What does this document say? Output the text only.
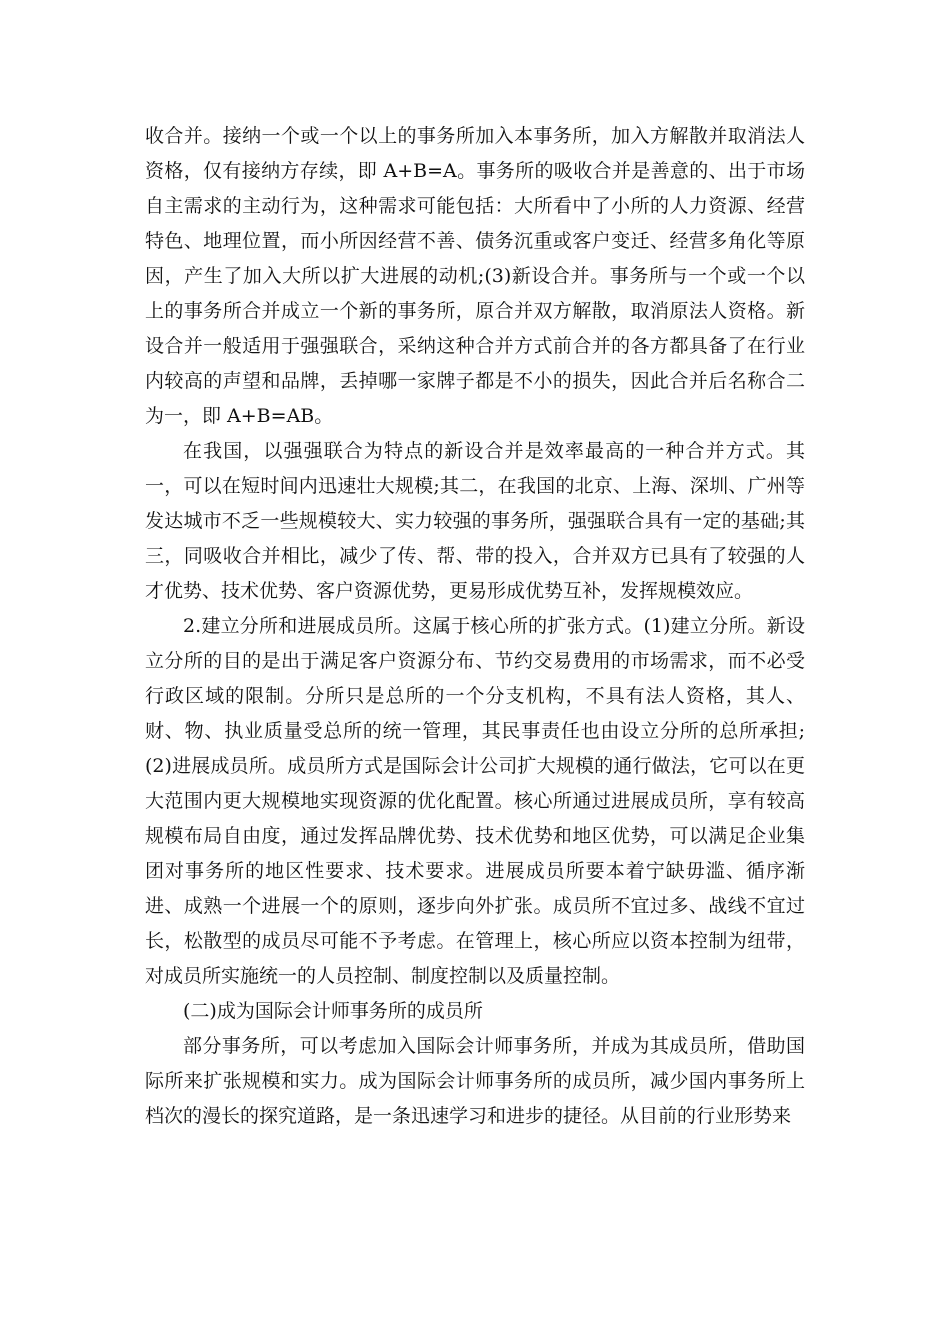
收合并。接纳一个或一个以上的事务所加入本事务所，加入方解散并取消法人资格，仅有接纳方存续，即 A+B=A。事务所的吸收合并是善意的、出于市场自主需求的主动行为，这种需求可能包括：大所看中了小所的人力资源、经营特色、地理位置，而小所因经营不善、债务沉重或客户变迁、经营多角化等原因，产生了加入大所以扩大进展的动机;(3)新设合并。事务所与一个或一个以上的事务所合并成立一个新的事务所，原合并双方解散，取消原法人资格。新设合并一般适用于强强联合，采纳这种合并方式前合并的各方都具备了在行业内较高的声望和品牌，丢掉哪一家牌子都是不小的损失，因此合并后名称合二为一，即 A+B=AB。

在我国，以强强联合为特点的新设合并是效率最高的一种合并方式。其一，可以在短时间内迅速壮大规模;其二，在我国的北京、上海、深圳、广州等发达城市不乏一些规模较大、实力较强的事务所，强强联合具有一定的基础;其三，同吸收合并相比，减少了传、帮、带的投入，合并双方已具有了较强的人才优势、技术优势、客户资源优势，更易形成优势互补，发挥规模效应。

2.建立分所和进展成员所。这属于核心所的扩张方式。(1)建立分所。新设立分所的目的是出于满足客户资源分布、节约交易费用的市场需求，而不必受行政区域的限制。分所只是总所的一个分支机构，不具有法人资格，其人、财、物、执业质量受总所的统一管理，其民事责任也由设立分所的总所承担;(2)进展成员所。成员所方式是国际会计公司扩大规模的通行做法，它可以在更大范围内更大规模地实现资源的优化配置。核心所通过进展成员所，享有较高规模布局自由度，通过发挥品牌优势、技术优势和地区优势，可以满足企业集团对事务所的地区性要求、技术要求。进展成员所要本着宁缺毋滥、循序渐进、成熟一个进展一个的原则，逐步向外扩张。成员所不宜过多、战线不宜过长，松散型的成员尽可能不予考虑。在管理上，核心所应以资本控制为纽带，对成员所实施统一的人员控制、制度控制以及质量控制。

(二)成为国际会计师事务所的成员所

部分事务所，可以考虑加入国际会计师事务所，并成为其成员所，借助国际所来扩张规模和实力。成为国际会计师事务所的成员所，减少国内事务所上档次的漫长的探究道路，是一条迅速学习和进步的捷径。从目前的行业形势来
